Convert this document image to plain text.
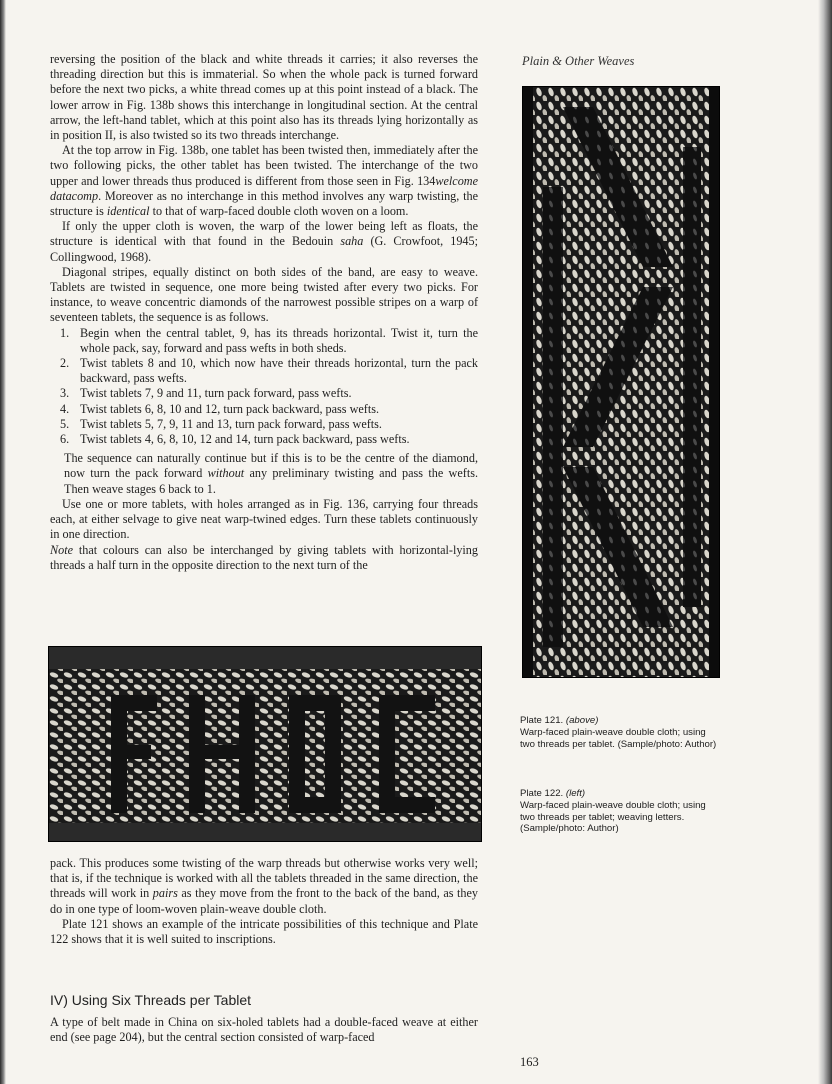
Plain & Other Weaves

reversing the position of the black and white threads it carries; it also reverses the threading direction but this is immaterial. So when the whole pack is turned forward before the next two picks, a white thread comes up at this point instead of a black. The lower arrow in Fig. 138b shows this interchange in longitudinal section. At the central arrow, the left-hand tablet, which at this point also has its threads lying horizontally as in position II, is also twisted so its two threads interchange.

At the top arrow in Fig. 138b, one tablet has been twisted then, immediately after the two following picks, the other tablet has been twisted. The interchange of the two upper and lower threads thus produced is different from those seen in Fig. 134welcome datacomp. Moreover as no interchange in this method involves any warp twisting, the structure is identical to that of warp-faced double cloth woven on a loom.

If only the upper cloth is woven, the warp of the lower being left as floats, the structure is identical with that found in the Bedouin saha (G. Crowfoot, 1945; Collingwood, 1968).

Diagonal stripes, equally distinct on both sides of the band, are easy to weave. Tablets are twisted in sequence, one more being twisted after every two picks. For instance, to weave concentric diamonds of the narrowest possible stripes on a warp of seventeen tablets, the sequence is as follows.

1. Begin when the central tablet, 9, has its threads horizontal. Twist it, turn the whole pack, say, forward and pass wefts in both sheds.
2. Twist tablets 8 and 10, which now have their threads horizontal, turn the pack backward, pass wefts.
3. Twist tablets 7, 9 and 11, turn pack forward, pass wefts.
4. Twist tablets 6, 8, 10 and 12, turn pack backward, pass wefts.
5. Twist tablets 5, 7, 9, 11 and 13, turn pack forward, pass wefts.
6. Twist tablets 4, 6, 8, 10, 12 and 14, turn pack backward, pass wefts.

The sequence can naturally continue but if this is to be the centre of the diamond, now turn the pack forward without any preliminary twisting and pass the wefts. Then weave stages 6 back to 1.

Use one or more tablets, with holes arranged as in Fig. 136, carrying four threads each, at either selvage to give neat warp-twined edges. Turn these tablets continuously in one direction.

Note that colours can also be interchanged by giving tablets with horizontal-lying threads a half turn in the opposite direction to the next turn of the

Plate 121. (above)
Warp-faced plain-weave double cloth; using two threads per tablet. (Sample/photo: Author)
Plate 122. (left)
Warp-faced plain-weave double cloth; using two threads per tablet; weaving letters. (Sample/photo: Author)

pack. This produces some twisting of the warp threads but otherwise works very well; that is, if the technique is worked with all the tablets threaded in the same direction, the threads will work in pairs as they move from the front to the back of the band, as they do in one type of loom-woven plain-weave double cloth.

Plate 121 shows an example of the intricate possibilities of this technique and Plate 122 shows that it is well suited to inscriptions.

IV) Using Six Threads per Tablet

A type of belt made in China on six-holed tablets had a double-faced weave at either end (see page 204), but the central section consisted of warp-faced

163
